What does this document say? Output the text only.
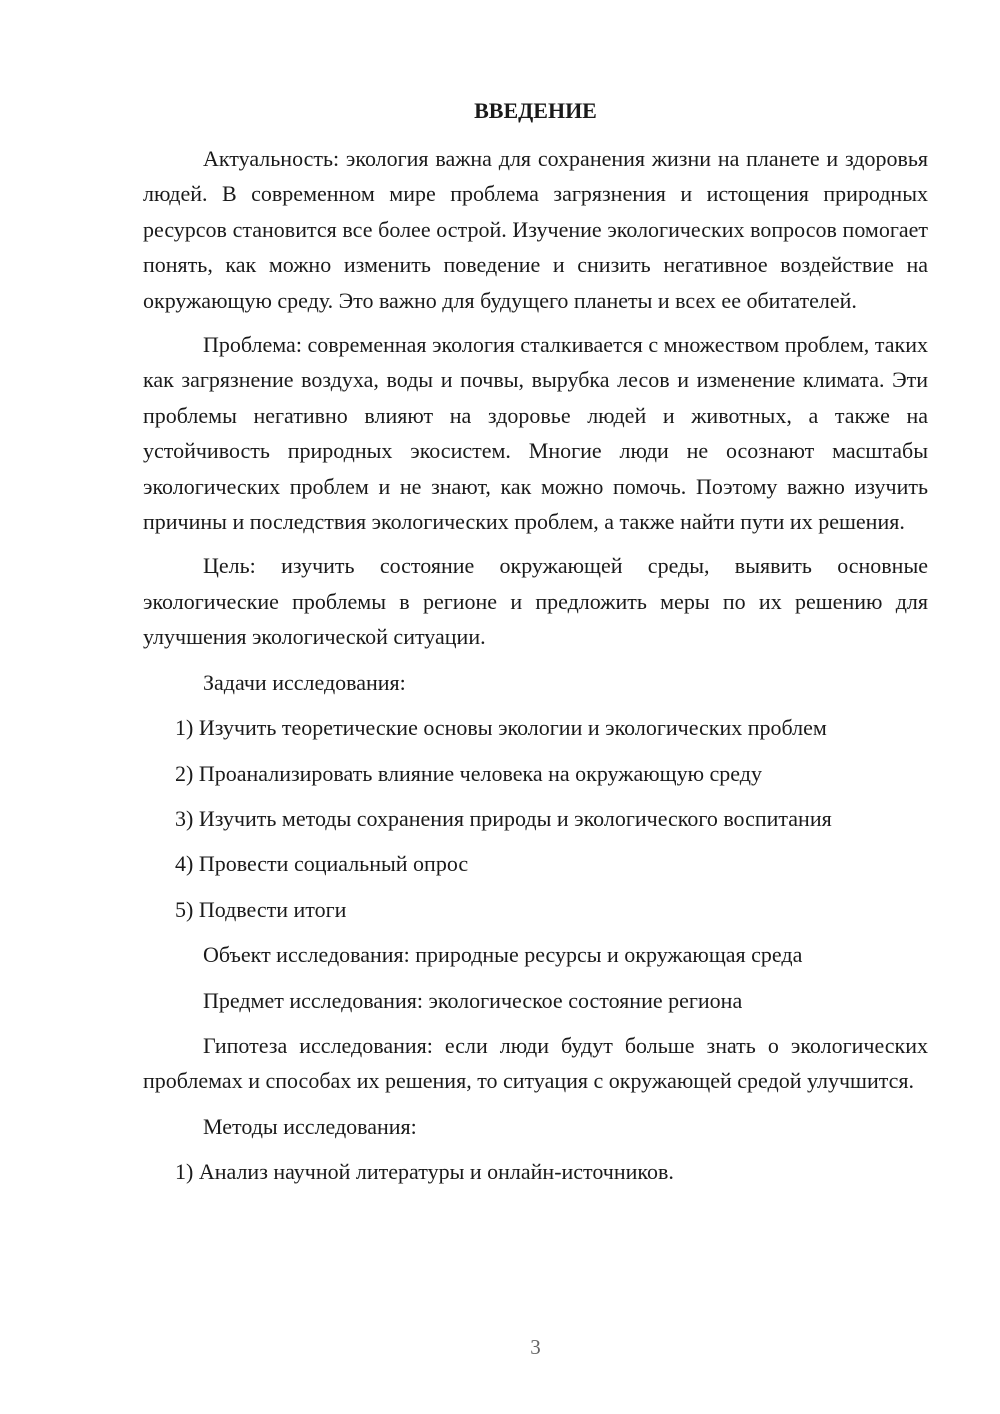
ВВЕДЕНИЕ

Актуальность: экология важна для сохранения жизни на планете и здоровья людей. В современном мире проблема загрязнения и истощения природных ресурсов становится все более острой. Изучение экологических вопросов помогает понять, как можно изменить поведение и снизить негативное воздействие на окружающую среду. Это важно для будущего планеты и всех ее обитателей.

Проблема: современная экология сталкивается с множеством проблем, таких как загрязнение воздуха, воды и почвы, вырубка лесов и изменение климата. Эти проблемы негативно влияют на здоровье людей и животных, а также на устойчивость природных экосистем. Многие люди не осознают масштабы экологических проблем и не знают, как можно помочь. Поэтому важно изучить причины и последствия экологических проблем, а также найти пути их решения.

Цель: изучить состояние окружающей среды, выявить основные экологические проблемы в регионе и предложить меры по их решению для улучшения экологической ситуации.

Задачи исследования:

1) Изучить теоретические основы экологии и экологических проблем

2) Проанализировать влияние человека на окружающую среду

3) Изучить методы сохранения природы и экологического воспитания

4) Провести социальный опрос

5) Подвести итоги

Объект исследования: природные ресурсы и окружающая среда

Предмет исследования: экологическое состояние региона

Гипотеза исследования: если люди будут больше знать о экологических проблемах и способах их решения, то ситуация с окружающей средой улучшится.

Методы исследования:

1) Анализ научной литературы и онлайн-источников.

3
